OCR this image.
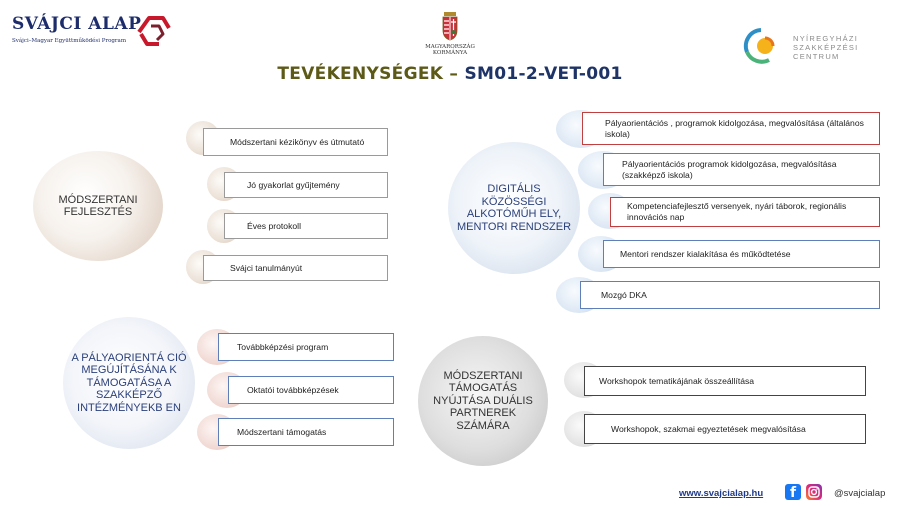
SVÁJCI ALAP
Svájci–Magyar Együttműködési Program
MAGYARORSZÁG
KORMÁNYA
NYÍREGYHÁZI
SZAKKÉPZÉSI
CENTRUM
TEVÉKENYSÉGEK – SM01-2-VET-001
MÓDSZERTANI FEJLESZTÉS
Módszertani kézikönyv és útmutató
Jó gyakorlat gyűjtemény
Éves protokoll
Svájci tanulmányút
DIGITÁLIS KÖZÖSSÉGI ALKOTÓMŰH ELY, MENTORI RENDSZER
Pályaorientációs , programok kidolgozása, megvalósítása (általános iskola)
Pályaorientációs programok kidolgozása, megvalósítása (szakképző iskola)
Kompetenciafejlesztő versenyek, nyári táborok, regionális innovációs nap
Mentori rendszer kialakítása és működtetése
Mozgó DKA
A PÁLYAORIENTÁ CIÓ MEGÚJÍTÁSÁNA K TÁMOGATÁSA A SZAKKÉPZŐ INTÉZMÉNYEKB EN
Továbbképzési program
Oktatói továbbképzések
Módszertani támogatás
MÓDSZERTANI TÁMOGATÁS NYÚJTÁSA DUÁLIS PARTNEREK SZÁMÁRA
Workshopok tematikájának összeállítása
Workshopok, szakmai egyeztetések megvalósítása
www.svajcialap.hu	f	@svajcialap
